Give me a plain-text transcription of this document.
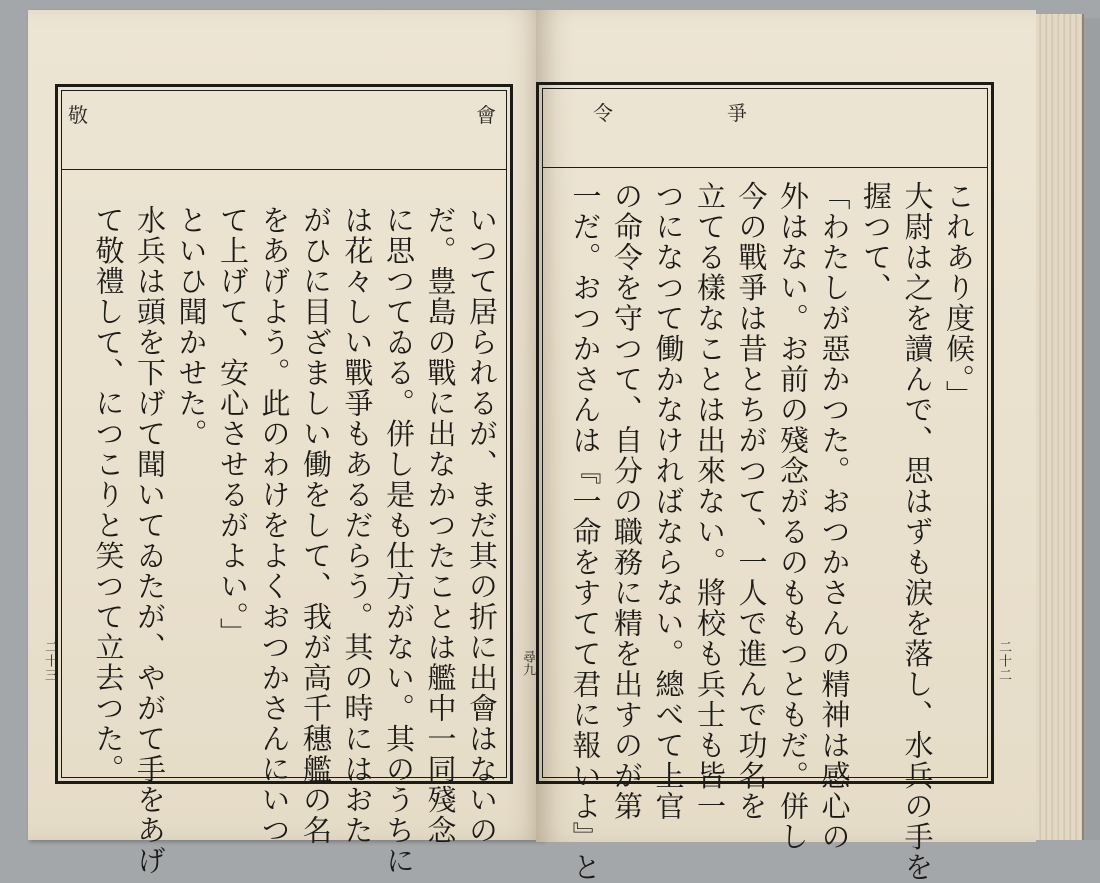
敬	會
いつて居られるが、まだ其の折に出會はないの
だ。豊島の戰に出なかつたことは艦中一同殘念
に思つてゐる。併し是も仕方がない。其のうちに
は花々しい戰爭もあるだらう。其の時にはおた
がひに目ざましい働をして、我が高千穗艦の名
をあげよう。此のわけをよくおつかさんにいつ
て上げて、安心させるがよい。」
といひ聞かせた。
水兵は頭を下げて聞いてゐたが、やがて手をあげ
て敬禮して、につこりと笑つて立去つた。
令	爭
これあり度候。」
大尉は之を讀んで、思はずも涙を落し、水兵の手を
握つて、
「わたしが惡かつた。おつかさんの精神は感心の
外はない。お前の殘念がるのももつともだ。併し
今の戰爭は昔とちがつて、一人で進んで功名を
立てる樣なことは出來ない。將校も兵士も皆一
つになつて働かなければならない。總べて上官
の命令を守つて、自分の職務に精を出すのが第
一だ。おつかさんは『一命をすてて君に報いよ』と
二十三	二十二
尋九
